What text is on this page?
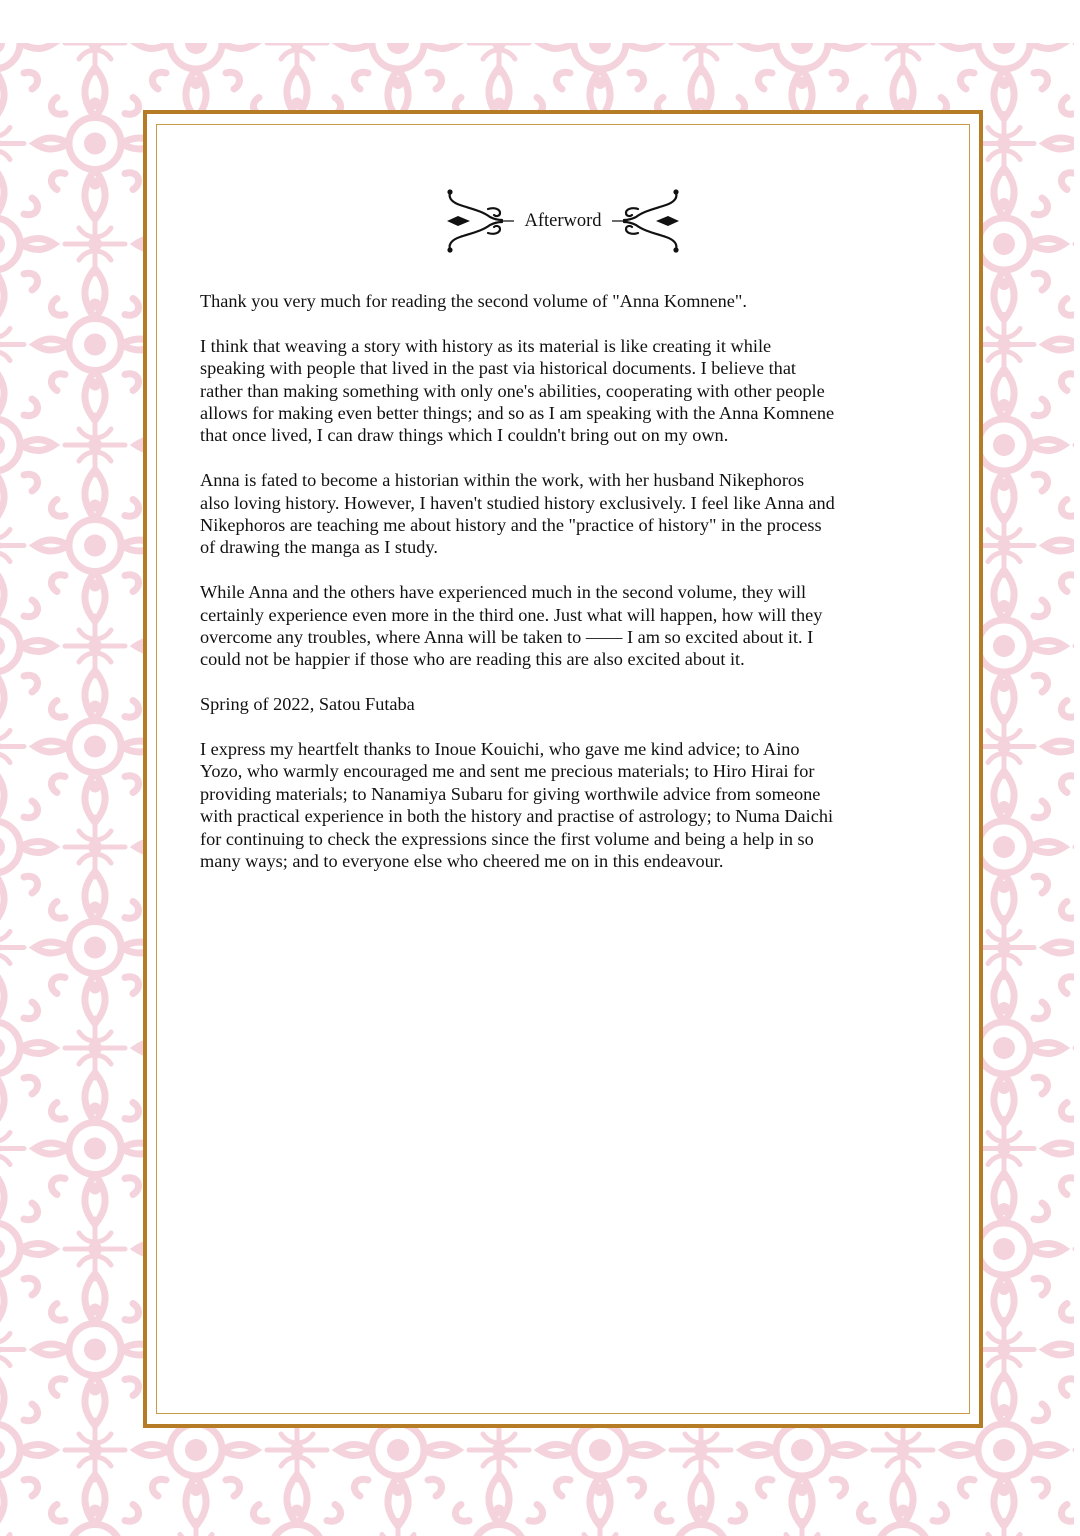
Afterword

Thank you very much for reading the second volume of "Anna Komnene".

I think that weaving a story with history as its material is like creating it while
speaking with people that lived in the past via historical documents. I believe that
rather than making something with only one's abilities, cooperating with other people
allows for making even better things; and so as I am speaking with the Anna Komnene
that once lived, I can draw things which I couldn't bring out on my own.

Anna is fated to become a historian within the work, with her husband Nikephoros
also loving history. However, I haven't studied history exclusively. I feel like Anna and
Nikephoros are teaching me about history and the "practice of history" in the process
of drawing the manga as I study.

While Anna and the others have experienced much in the second volume, they will
certainly experience even more in the third one. Just what will happen, how will they
overcome any troubles, where Anna will be taken to —— I am so excited about it. I
could not be happier if those who are reading this are also excited about it.

Spring of 2022, Satou Futaba

I express my heartfelt thanks to Inoue Kouichi, who gave me kind advice; to Aino
Yozo, who warmly encouraged me and sent me precious materials; to Hiro Hirai for
providing materials; to Nanamiya Subaru for giving worthwile advice from someone
with practical experience in both the history and practise of astrology; to Numa Daichi
for continuing to check the expressions since the first volume and being a help in so
many ways; and to everyone else who cheered me on in this endeavour.
